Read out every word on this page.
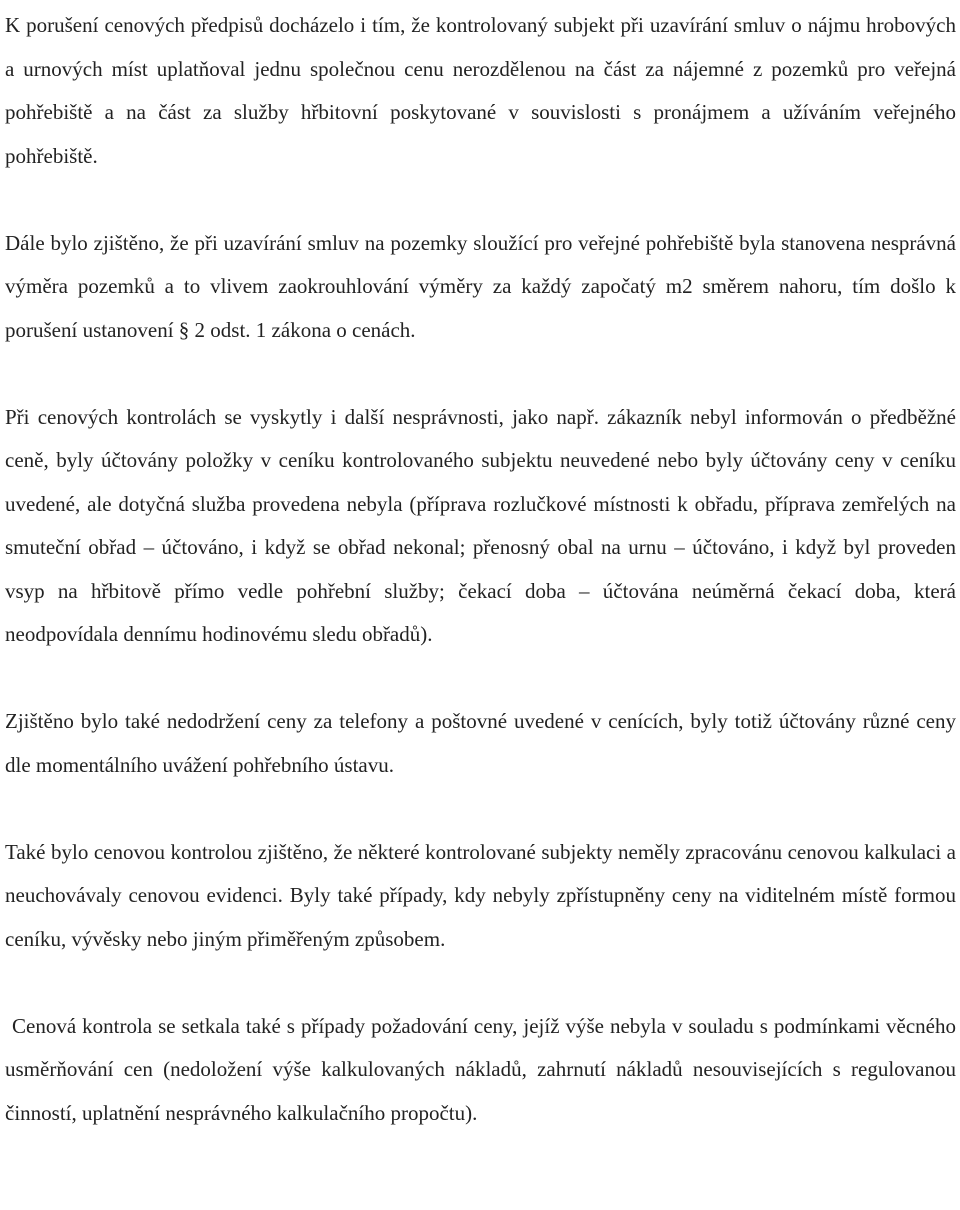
K porušení cenových předpisů docházelo i tím, že kontrolovaný subjekt při uzavírání smluv o nájmu hrobových a urnových míst uplatňoval jednu společnou cenu nerozdělenou na část za nájemné z pozemků pro veřejná pohřebiště a na část za služby hřbitovní poskytované v souvislosti s pronájmem a užíváním veřejného pohřebiště.

Dále bylo zjištěno, že při uzavírání smluv na pozemky sloužící pro veřejné pohřebiště byla stanovena nesprávná výměra pozemků a to vlivem zaokrouhlování výměry za každý započatý m2 směrem nahoru, tím došlo k porušení ustanovení § 2 odst. 1 zákona o cenách.

Při cenových kontrolách se vyskytly i další nesprávnosti, jako např. zákazník nebyl informován o předběžné ceně, byly účtovány položky v ceníku kontrolovaného subjektu neuvedené nebo byly účtovány ceny v ceníku uvedené, ale dotyčná služba provedena nebyla (příprava rozlučkové místnosti k obřadu, příprava zemřelých na smuteční obřad – účtováno, i když se obřad nekonal; přenosný obal na urnu – účtováno, i když byl proveden vsyp na hřbitově přímo vedle pohřební služby; čekací doba – účtována neúměrná čekací doba, která neodpovídala dennímu hodinovému sledu obřadů).

Zjištěno bylo také nedodržení ceny za telefony a poštovné uvedené v cenících, byly totiž účtovány různé ceny dle momentálního uvážení pohřebního ústavu.

Také bylo cenovou kontrolou zjištěno, že některé kontrolované subjekty neměly zpracovánu cenovou kalkulaci a neuchovávaly cenovou evidenci. Byly také případy, kdy nebyly zpřístupněny ceny na viditelném místě formou ceníku, vývěsky nebo jiným přiměřeným způsobem.

Cenová kontrola se setkala také s případy požadování ceny, jejíž výše nebyla v souladu s podmínkami věcného usměrňování cen (nedoložení výše kalkulovaných nákladů, zahrnutí nákladů nesouvisejících s regulovanou činností, uplatnění nesprávného kalkulačního propočtu).
